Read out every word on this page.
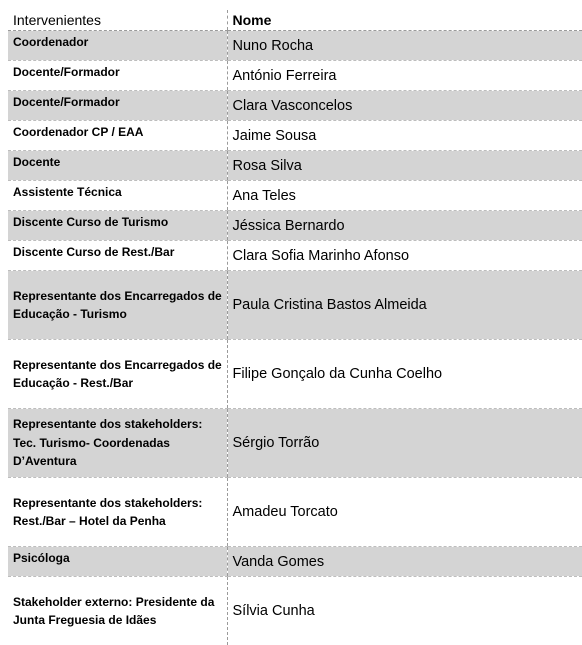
Intervenientes	Nome
Coordenador	Nuno Rocha
Docente/Formador	António Ferreira
Docente/Formador	Clara Vasconcelos
Coordenador CP / EAA	Jaime Sousa
Docente	Rosa Silva
Assistente Técnica	Ana Teles
Discente Curso de Turismo	Jéssica Bernardo
Discente Curso de Rest./Bar	Clara Sofia Marinho Afonso
Representante dos Encarregados de Educação - Turismo	Paula Cristina Bastos Almeida
Representante dos Encarregados de Educação - Rest./Bar	Filipe Gonçalo da Cunha Coelho
Representante dos stakeholders: Tec. Turismo- Coordenadas D’Aventura	Sérgio Torrão
Representante dos stakeholders: Rest./Bar – Hotel da Penha	Amadeu Torcato
Psicóloga	Vanda Gomes
Stakeholder externo: Presidente da Junta Freguesia de Idães	Sílvia Cunha
